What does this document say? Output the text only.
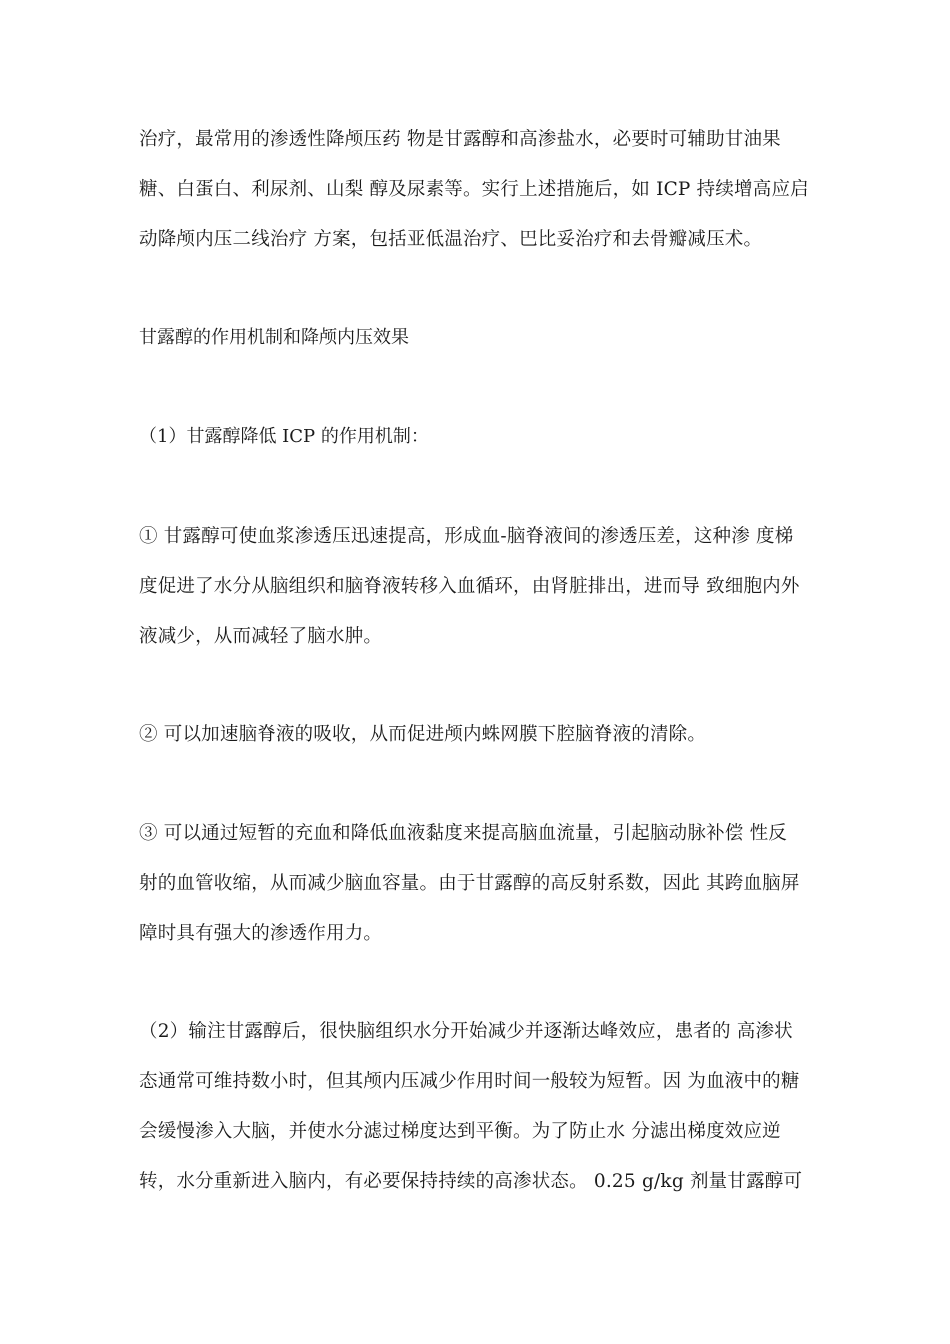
治疗，最常用的渗透性降颅压药 物是甘露醇和高渗盐水，必要时可辅助甘油果
糖、白蛋白、利尿剂、山梨 醇及尿素等。实行上述措施后，如 ICP 持续增高应启
动降颅内压二线治疗 方案，包括亚低温治疗、巴比妥治疗和去骨瓣减压术。
甘露醇的作用机制和降颅内压效果
（1）甘露醇降低 ICP 的作用机制：
① 甘露醇可使血浆渗透压迅速提高，形成血-脑脊液间的渗透压差，这种渗 度梯
度促进了水分从脑组织和脑脊液转移入血循环，由肾脏排出，进而导 致细胞内外
液减少，从而减轻了脑水肿。
② 可以加速脑脊液的吸收，从而促进颅内蛛网膜下腔脑脊液的清除。
③ 可以通过短暂的充血和降低血液黏度来提高脑血流量，引起脑动脉补偿 性反
射的血管收缩，从而减少脑血容量。由于甘露醇的高反射系数，因此 其跨血脑屏
障时具有强大的渗透作用力。
（2）输注甘露醇后，很快脑组织水分开始减少并逐渐达峰效应，患者的 高渗状
态通常可维持数小时，但其颅内压减少作用时间一般较为短暂。因 为血液中的糖
会缓慢渗入大脑，并使水分滤过梯度达到平衡。为了防止水 分滤出梯度效应逆
转，水分重新进入脑内，有必要保持持续的高渗状态。 0.25 g/kg 剂量甘露醇可
